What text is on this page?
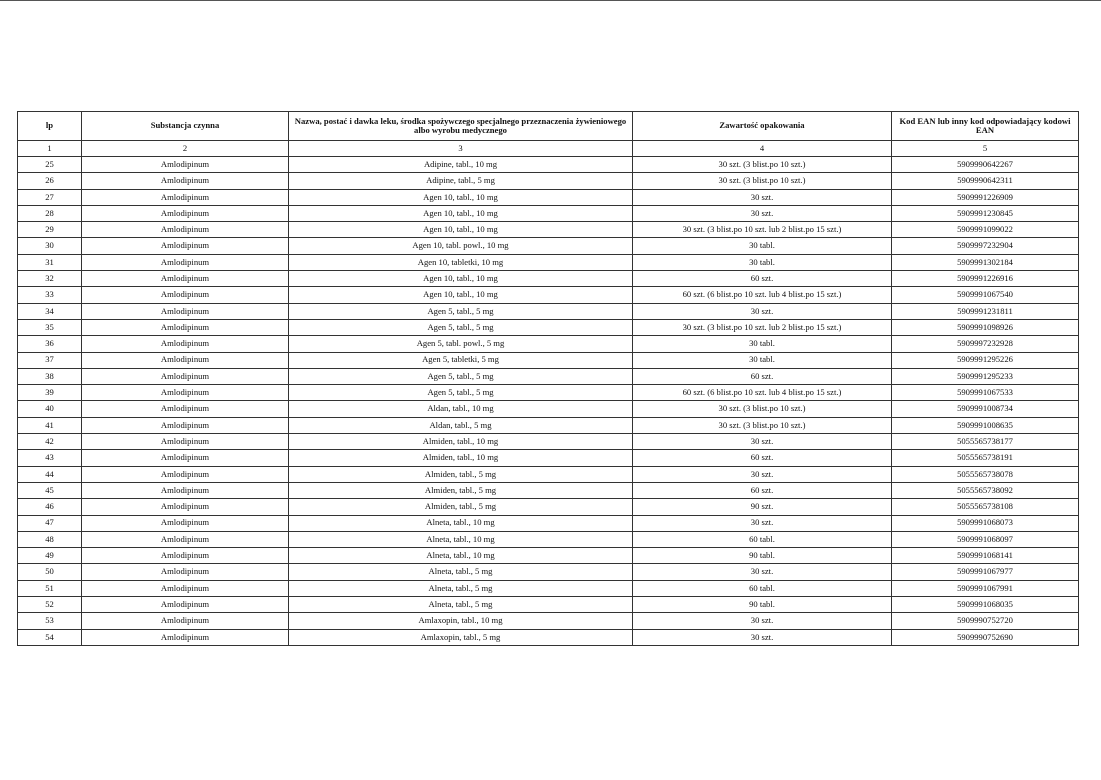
lp	Substancja czynna	Nazwa, postać i dawka leku, środka spożywczego specjalnego przeznaczenia żywieniowego albo wyrobu medycznego	Zawartość opakowania	Kod EAN lub inny kod odpowiadający kodowi EAN
1	2	3	4	5
25	Amlodipinum	Adipine, tabl., 10 mg	30 szt. (3 blist.po 10 szt.)	5909990642267
26	Amlodipinum	Adipine, tabl., 5 mg	30 szt. (3 blist.po 10 szt.)	5909990642311
27	Amlodipinum	Agen 10, tabl., 10 mg	30 szt.	5909991226909
28	Amlodipinum	Agen 10, tabl., 10 mg	30 szt.	5909991230845
29	Amlodipinum	Agen 10, tabl., 10 mg	30 szt. (3 blist.po 10 szt. lub 2 blist.po 15 szt.)	5909991099022
30	Amlodipinum	Agen 10, tabl. powl., 10 mg	30 tabl.	5909997232904
31	Amlodipinum	Agen 10, tabletki, 10 mg	30 tabl.	5909991302184
32	Amlodipinum	Agen 10, tabl., 10 mg	60 szt.	5909991226916
33	Amlodipinum	Agen 10, tabl., 10 mg	60 szt. (6 blist.po 10 szt. lub 4 blist.po 15 szt.)	5909991067540
34	Amlodipinum	Agen 5, tabl., 5 mg	30 szt.	5909991231811
35	Amlodipinum	Agen 5, tabl., 5 mg	30 szt. (3 blist.po 10 szt. lub 2 blist.po 15 szt.)	5909991098926
36	Amlodipinum	Agen 5, tabl. powl., 5 mg	30 tabl.	5909997232928
37	Amlodipinum	Agen 5, tabletki, 5 mg	30 tabl.	5909991295226
38	Amlodipinum	Agen 5, tabl., 5 mg	60 szt.	5909991295233
39	Amlodipinum	Agen 5, tabl., 5 mg	60 szt. (6 blist.po 10 szt. lub 4 blist.po 15 szt.)	5909991067533
40	Amlodipinum	Aldan, tabl., 10 mg	30 szt. (3 blist.po 10 szt.)	5909991008734
41	Amlodipinum	Aldan, tabl., 5 mg	30 szt. (3 blist.po 10 szt.)	5909991008635
42	Amlodipinum	Almiden, tabl., 10 mg	30 szt.	5055565738177
43	Amlodipinum	Almiden, tabl., 10 mg	60 szt.	5055565738191
44	Amlodipinum	Almiden, tabl., 5 mg	30 szt.	5055565738078
45	Amlodipinum	Almiden, tabl., 5 mg	60 szt.	5055565738092
46	Amlodipinum	Almiden, tabl., 5 mg	90 szt.	5055565738108
47	Amlodipinum	Alneta, tabl., 10 mg	30 szt.	5909991068073
48	Amlodipinum	Alneta, tabl., 10 mg	60 tabl.	5909991068097
49	Amlodipinum	Alneta, tabl., 10 mg	90 tabl.	5909991068141
50	Amlodipinum	Alneta, tabl., 5 mg	30 szt.	5909991067977
51	Amlodipinum	Alneta, tabl., 5 mg	60 tabl.	5909991067991
52	Amlodipinum	Alneta, tabl., 5 mg	90 tabl.	5909991068035
53	Amlodipinum	Amlaxopin, tabl., 10 mg	30 szt.	5909990752720
54	Amlodipinum	Amlaxopin, tabl., 5 mg	30 szt.	5909990752690
